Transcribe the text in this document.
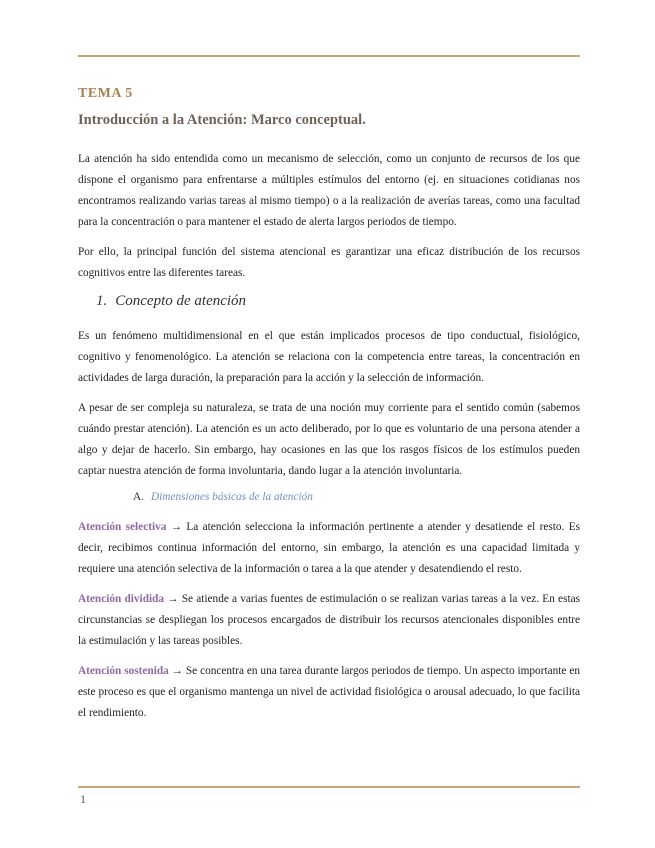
TEMA 5
Introducción a la Atención: Marco conceptual.

La atención ha sido entendida como un mecanismo de selección, como un conjunto de recursos de los que dispone el organismo para enfrentarse a múltiples estímulos del entorno (ej. en situaciones cotidianas nos encontramos realizando varias tareas al mismo tiempo) o a la realización de averías tareas, como una facultad para la concentración o para mantener el estado de alerta largos periodos de tiempo.

Por ello, la principal función del sistema atencional es garantizar una eficaz distribución de los recursos cognitivos entre las diferentes tareas.

1. Concepto de atención

Es un fenómeno multidimensional en el que están implicados procesos de tipo conductual, fisiológico, cognitivo y fenomenológico. La atención se relaciona con la competencia entre tareas, la concentración en actividades de larga duración, la preparación para la acción y la selección de información.

A pesar de ser compleja su naturaleza, se trata de una noción muy corriente para el sentido común (sabemos cuándo prestar atención). La atención es un acto deliberado, por lo que es voluntario de una persona atender a algo y dejar de hacerlo. Sin embargo, hay ocasiones en las que los rasgos físicos de los estímulos pueden captar nuestra atención de forma involuntaria, dando lugar a la atención involuntaria.

A. Dimensiones básicas de la atención

Atención selectiva → La atención selecciona la información pertinente a atender y desatiende el resto. Es decir, recibimos continua información del entorno, sin embargo, la atención es una capacidad limitada y requiere una atención selectiva de la información o tarea a la que atender y desatendiendo el resto.

Atención dividida → Se atiende a varias fuentes de estimulación o se realizan varias tareas a la vez. En estas circunstancias se despliegan los procesos encargados de distribuir los recursos atencionales disponibles entre la estimulación y las tareas posibles.

Atención sostenida → Se concentra en una tarea durante largos periodos de tiempo. Un aspecto importante en este proceso es que el organismo mantenga un nivel de actividad fisiológica o arousal adecuado, lo que facilita el rendimiento.

1
